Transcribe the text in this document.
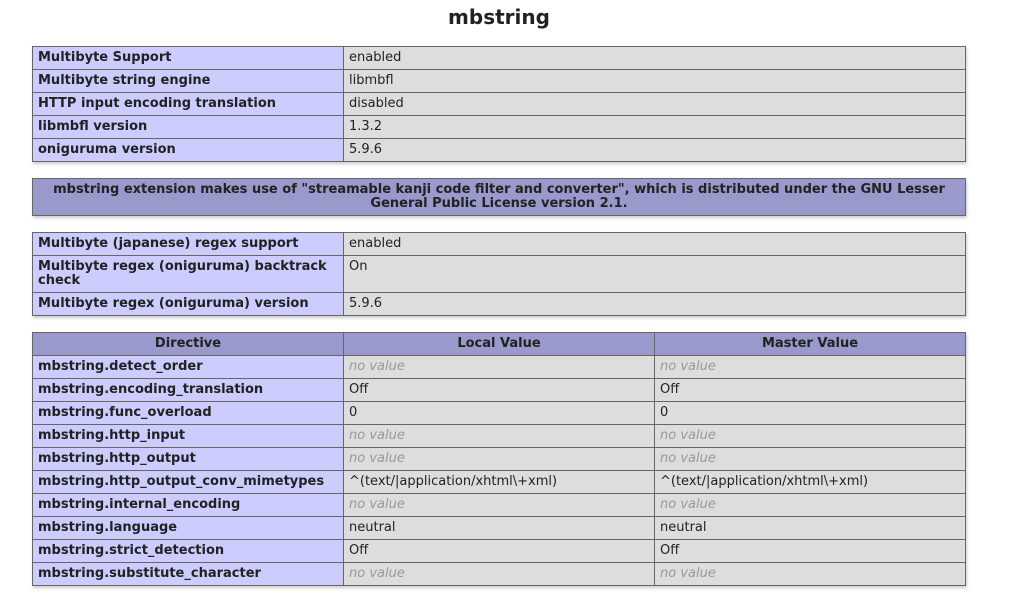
mbstring
Multibyte Support	enabled
Multibyte string engine	libmbfl
HTTP input encoding translation	disabled
libmbfl version	1.3.2
oniguruma version	5.9.6
mbstring extension makes use of "streamable kanji code filter and converter", which is distributed under the GNU Lesser General Public License version 2.1.
Multibyte (japanese) regex support	enabled
Multibyte regex (oniguruma) backtrack check	On
Multibyte regex (oniguruma) version	5.9.6
Directive	Local Value	Master Value
mbstring.detect_order	no value	no value
mbstring.encoding_translation	Off	Off
mbstring.func_overload	0	0
mbstring.http_input	no value	no value
mbstring.http_output	no value	no value
mbstring.http_output_conv_mimetypes	^(text/|application/xhtml\+xml)	^(text/|application/xhtml\+xml)
mbstring.internal_encoding	no value	no value
mbstring.language	neutral	neutral
mbstring.strict_detection	Off	Off
mbstring.substitute_character	no value	no value
